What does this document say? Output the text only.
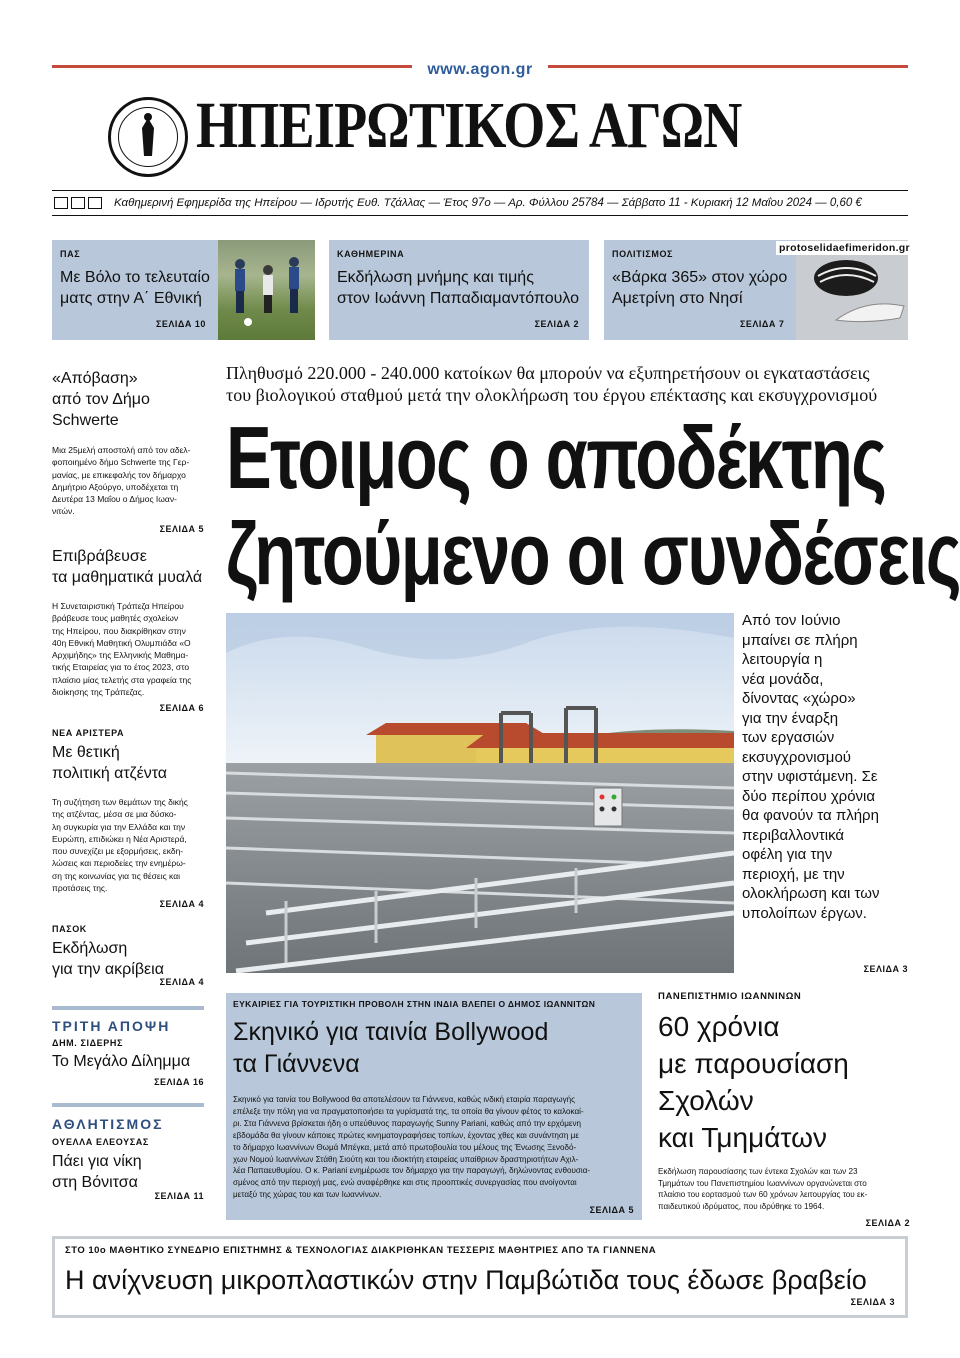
www.agon.gr
ΗΠΕΙΡΩΤΙΚΟΣ ΑΓΩΝ
Καθημερινή Εφημερίδα της Ηπείρου — Ιδρυτής Ευθ. Τζάλλας — Έτος 97ο — Αρ. Φύλλου 25784 — Σάββατο 11 - Κυριακή 12 Μαΐου 2024 — 0,60 €
ΠΑΣ
Με Βόλο το τελευταίο
ματς στην Α΄ Εθνική
ΣΕΛΙΔΑ 10
ΚΑΘΗΜΕΡΙΝΑ
Εκδήλωση μνήμης και τιμής
στον Ιωάννη Παπαδιαμαντόπουλο
ΣΕΛΙΔΑ 2
ΠΟΛΙΤΙΣΜΟΣ
«Βάρκα 365» στον χώρο
Αμετρίνη στο Νησί
ΣΕΛΙΔΑ 7
protoselidaefimeridon.gr
«Απόβαση»
από τον Δήμο
Schwerte
Μια 25μελή αποστολή από τον αδελ-
φοποιημένο δήμο Schwerte της Γερ-
μανίας, με επικεφαλής τον δήμαρχο
Δημήτριο Αξούργο, υποδέχεται τη
Δευτέρα 13 Μαΐου ο Δήμος Ιωαν-
νιτών.
ΣΕΛΙΔΑ 5
Επιβράβευσε
τα μαθηματικά μυαλά
Η Συνεταιριστική Τράπεζα Ηπείρου
βράβευσε τους μαθητές σχολείων
της Ηπείρου, που διακρίθηκαν στην
40η Εθνική Μαθητική Ολυμπιάδα «Ο
Αρχιμήδης» της Ελληνικής Μαθημα-
τικής Εταιρείας για το έτος 2023, στο
πλαίσιο μίας τελετής στα γραφεία της
διοίκησης της Τράπεζας.
ΣΕΛΙΔΑ 6
ΝΕΑ ΑΡΙΣΤΕΡΑ
Με θετική
πολιτική ατζέντα
Τη συζήτηση των θεμάτων της δικής
της ατζέντας, μέσα σε μια δύσκο-
λη συγκυρία για την Ελλάδα και την
Ευρώπη, επιδιώκει η Νέα Αριστερά,
που συνεχίζει με εξορμήσεις, εκδη-
λώσεις και περιοδείες την ενημέρω-
ση της κοινωνίας για τις θέσεις και
προτάσεις της.
ΣΕΛΙΔΑ 4
ΠΑΣΟΚ
Εκδήλωση
για την ακρίβεια
ΣΕΛΙΔΑ 4
ΤΡΙΤΗ ΑΠΟΨΗ
ΔΗΜ. ΣΙΔΕΡΗΣ
Το Μεγάλο Δίλημμα
ΣΕΛΙΔΑ 16
ΑΘΛΗΤΙΣΜΟΣ
ΟΥΕΛΛΑ ΕΛΕΟΥΣΑΣ
Πάει για νίκη
στη Βόνιτσα
ΣΕΛΙΔΑ 11
Πληθυσμό 220.000 - 240.000 κατοίκων θα μπορούν να εξυπηρετήσουν οι εγκαταστάσεις
του βιολογικού σταθμού μετά την ολοκλήρωση του έργου επέκτασης και εκσυγχρονισμού
Ετοιμος ο αποδέκτης
ζητούμενο οι συνδέσεις
Από τον Ιούνιο
μπαίνει σε πλήρη
λειτουργία η
νέα μονάδα,
δίνοντας «χώρο»
για την έναρξη
των εργασιών
εκσυγχρονισμού
στην υφιστάμενη. Σε
δύο περίπου χρόνια
θα φανούν τα πλήρη
περιβαλλοντικά
οφέλη για την
περιοχή, με την
ολοκλήρωση και των
υπολοίπων έργων.
ΣΕΛΙΔΑ 3
ΕΥΚΑΙΡΙΕΣ ΓΙΑ ΤΟΥΡΙΣΤΙΚΗ ΠΡΟΒΟΛΗ ΣΤΗΝ ΙΝΔΙΑ ΒΛΕΠΕΙ Ο ΔΗΜΟΣ ΙΩΑΝΝΙΤΩΝ
Σκηνικό για ταινία Bollywood
τα Γιάννενα
Σκηνικό για ταινία του Bollywood θα αποτελέσουν τα Γιάννενα, καθώς ινδική εταιρία παραγωγής
επέλεξε την πόλη για να πραγματοποιήσει τα γυρίσματά της, τα οποία θα γίνουν φέτος το καλοκαί-
ρι. Στα Γιάννενα βρίσκεται ήδη ο υπεύθυνος παραγωγής Sunny Pariani, καθώς από την ερχόμενη
εβδομάδα θα γίνουν κάποιες πρώτες κινηματογραφήσεις τοπίων, έχοντας χθες και συνάντηση με
το δήμαρχο Ιωαννίνων Θωμά Μπέγκα, μετά από πρωτοβουλία του μέλους της Ένωσης Ξενοδό-
χων Νομού Ιωαννίνων Στάθη Σιούτη και του ιδιοκτήτη εταιρείας υπαίθριων δραστηριοτήτων Αχιλ-
λέα Παπαευθυμίου. Ο κ. Pariani ενημέρωσε τον δήμαρχο για την παραγωγή, δηλώνοντας ενθουσια-
σμένος από την περιοχή μας, ενώ αναφέρθηκε και στις προοπτικές συνεργασίας που ανοίγονται
μεταξύ της χώρας του και των Ιωαννίνων.
ΣΕΛΙΔΑ 5
ΠΑΝΕΠΙΣΤΗΜΙΟ ΙΩΑΝΝΙΝΩΝ
60 χρόνια
με παρουσίαση
Σχολών
και Τμημάτων
Εκδήλωση παρουσίασης των έντεκα Σχολών και των 23
Τμημάτων του Πανεπιστημίου Ιωαννίνων οργανώνεται στο
πλαίσιο του εορτασμού των 60 χρόνων λειτουργίας του εκ-
παιδευτικού ιδρύματος, που ιδρύθηκε το 1964.
ΣΕΛΙΔΑ 2
ΣΤΟ 10ο ΜΑΘΗΤΙΚΟ ΣΥΝΕΔΡΙΟ ΕΠΙΣΤΗΜΗΣ & ΤΕΧΝΟΛΟΓΙΑΣ ΔΙΑΚΡΙΘΗΚΑΝ ΤΕΣΣΕΡΙΣ ΜΑΘΗΤΡΙΕΣ ΑΠΟ ΤΑ ΓΙΑΝΝΕΝΑ
Η ανίχνευση μικροπλαστικών στην Παμβώτιδα τους έδωσε βραβείο
ΣΕΛΙΔΑ 3
